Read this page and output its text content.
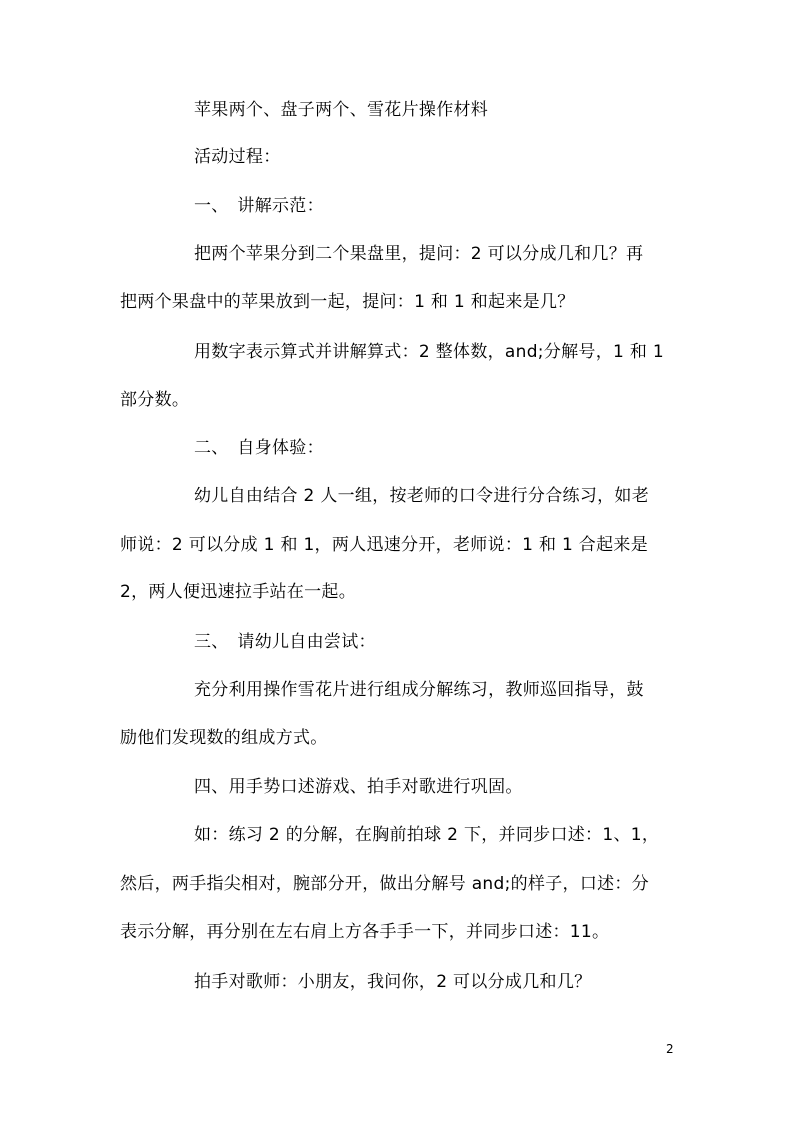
苹果两个、盘子两个、雪花片操作材料
活动过程：
一、　讲解示范：
把两个苹果分到二个果盘里，提问：2 可以分成几和几？再
把两个果盘中的苹果放到一起，提问：1 和 1 和起来是几？
用数字表示算式并讲解算式：2 整体数，and;分解号，1 和 1
部分数。
二、　自身体验：
幼儿自由结合 2 人一组，按老师的口令进行分合练习，如老
师说：2 可以分成 1 和 1，两人迅速分开，老师说：1 和 1 合起来是
2，两人便迅速拉手站在一起。
三、　请幼儿自由尝试：
充分利用操作雪花片进行组成分解练习，教师巡回指导，鼓
励他们发现数的组成方式。
四、用手势口述游戏、拍手对歌进行巩固。
如：练习 2 的分解，在胸前拍球 2 下，并同步口述：1、1，
然后，两手指尖相对，腕部分开，做出分解号 and;的样子，口述：分
表示分解，再分别在左右肩上方各手手一下，并同步口述：11。
拍手对歌师：小朋友，我问你，2 可以分成几和几？
2
